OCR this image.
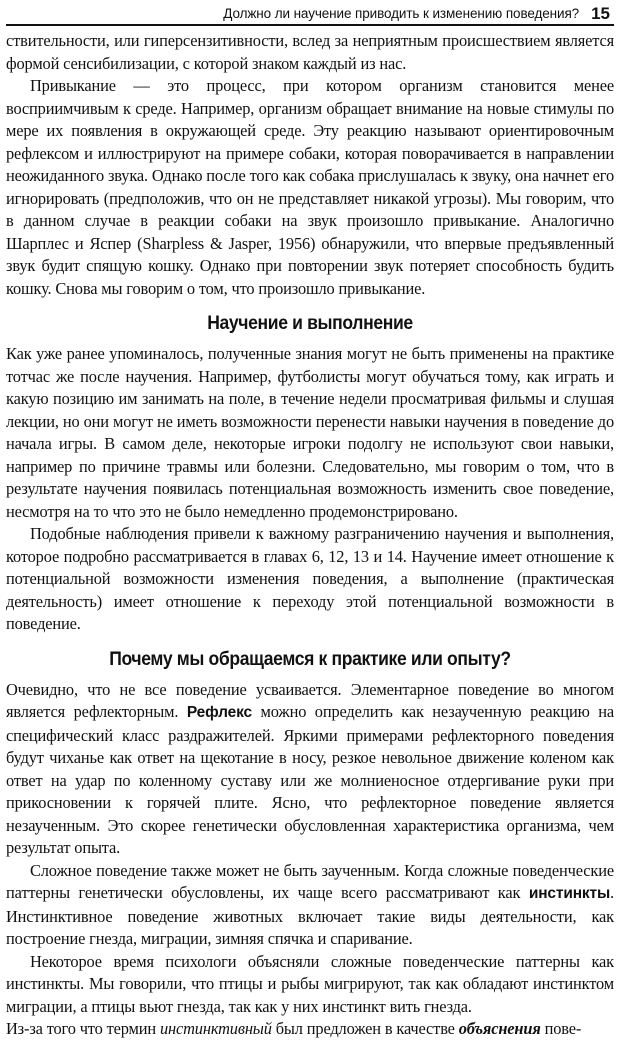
Должно ли научение приводить к изменению поведения? 15

ствительности, или гиперсензитивности, вслед за неприятным происшествием является формой сенсибилизации, с которой знаком каждый из нас.

Привыкание — это процесс, при котором организм становится менее восприимчивым к среде. Например, организм обращает внимание на новые стимулы по мере их появления в окружающей среде. Эту реакцию называют ориентировочным рефлексом и иллюстрируют на примере собаки, которая поворачивается в направлении неожиданного звука. Однако после того как собака прислушалась к звуку, она начнет его игнорировать (предположив, что он не представляет никакой угрозы). Мы говорим, что в данном случае в реакции собаки на звук произошло привыкание. Аналогично Шарплес и Яспер (Sharpless & Jasper, 1956) обнаружили, что впервые предъявленный звук будит спящую кошку. Однако при повторении звук потеряет способность будить кошку. Снова мы говорим о том, что произошло привыкание.

Научение и выполнение

Как уже ранее упоминалось, полученные знания могут не быть применены на практике тотчас же после научения. Например, футболисты могут обучаться тому, как играть и какую позицию им занимать на поле, в течение недели просматривая фильмы и слушая лекции, но они могут не иметь возможности перенести навыки научения в поведение до начала игры. В самом деле, некоторые игроки подолгу не используют свои навыки, например по причине травмы или болезни. Следовательно, мы говорим о том, что в результате научения появилась потенциальная возможность изменить свое поведение, несмотря на то что это не было немедленно продемонстрировано.

Подобные наблюдения привели к важному разграничению научения и выполнения, которое подробно рассматривается в главах 6, 12, 13 и 14. Научение имеет отношение к потенциальной возможности изменения поведения, а выполнение (практическая деятельность) имеет отношение к переходу этой потенциальной возможности в поведение.

Почему мы обращаемся к практике или опыту?

Очевидно, что не все поведение усваивается. Элементарное поведение во многом является рефлекторным. Рефлекс можно определить как незаученную реакцию на специфический класс раздражителей. Яркими примерами рефлекторного поведения будут чиханье как ответ на щекотание в носу, резкое невольное движение коленом как ответ на удар по коленному суставу или же молниеносное отдергивание руки при прикосновении к горячей плите. Ясно, что рефлекторное поведение является незаученным. Это скорее генетически обусловленная характеристика организма, чем результат опыта.

Сложное поведение также может не быть заученным. Когда сложные поведенческие паттерны генетически обусловлены, их чаще всего рассматривают как инстинкты. Инстинктивное поведение животных включает такие виды деятельности, как построение гнезда, миграции, зимняя спячка и спаривание.

Некоторое время психологи объясняли сложные поведенческие паттерны как инстинкты. Мы говорили, что птицы и рыбы мигрируют, так как обладают инстинктом миграции, а птицы вьют гнезда, так как у них инстинкт вить гнезда.

Из-за того что термин инстинктивный был предложен в качестве объяснения пове-
